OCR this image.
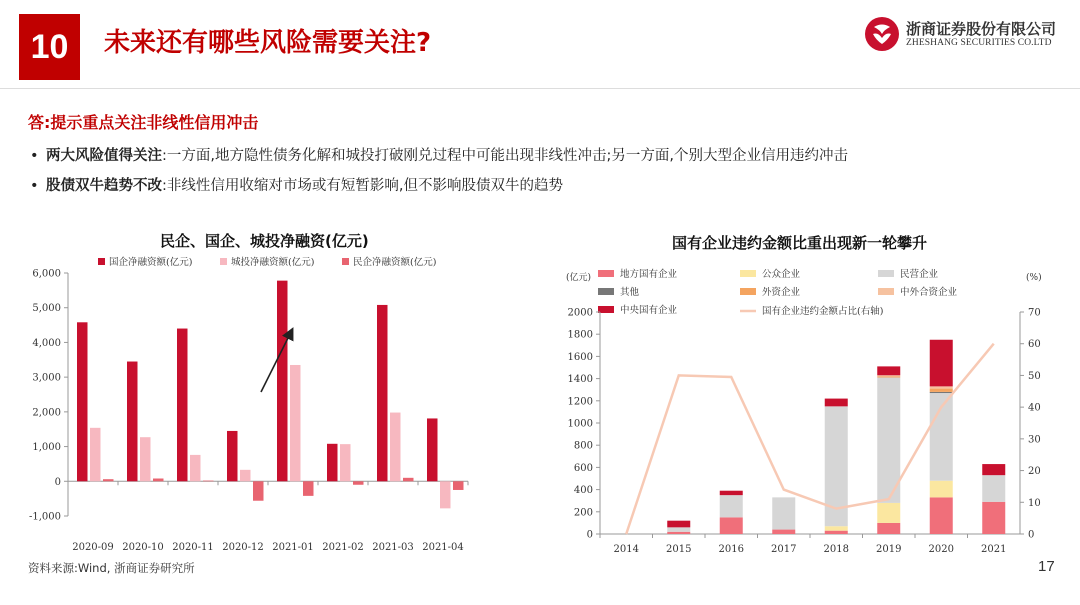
10	未来还有哪些风险需要关注?	浙商证券股份有限公司
ZHESHANG SECURITIES CO.LTD
答:提示重点关注非线性信用冲击
• 两大风险值得关注:一方面,地方隐性债务化解和城投打破刚兑过程中可能出现非线性冲击;另一方面,个别大型企业信用违约冲击
• 股债双牛趋势不改:非线性信用收缩对市场或有短暂影响,但不影响股债双牛的趋势
民企、国企、城投净融资(亿元)	国有企业违约金额比重出现新一轮攀升
国企净融资额(亿元)	城投净融资额(亿元)	民企净融资额(亿元)
-1,000
0
1,000
2,000
3,000
4,000
5,000
6,000
2020-09 2020-10 2020-11 2020-12 2021-01 2021-02 2021-03 2021-04
(亿元)	(%)
地方国有企业	公众企业	民营企业
其他	外资企业	中外合资企业
中央国有企业	国有企业违约金额占比(右轴)
0
200
400
600
800
1000
1200
1400
1600
1800
2000
0
10
20
30
40
50
60
70
2014	2015	2016	2017	2018	2019	2020	2021
资料来源:Wind, 浙商证券研究所	17
